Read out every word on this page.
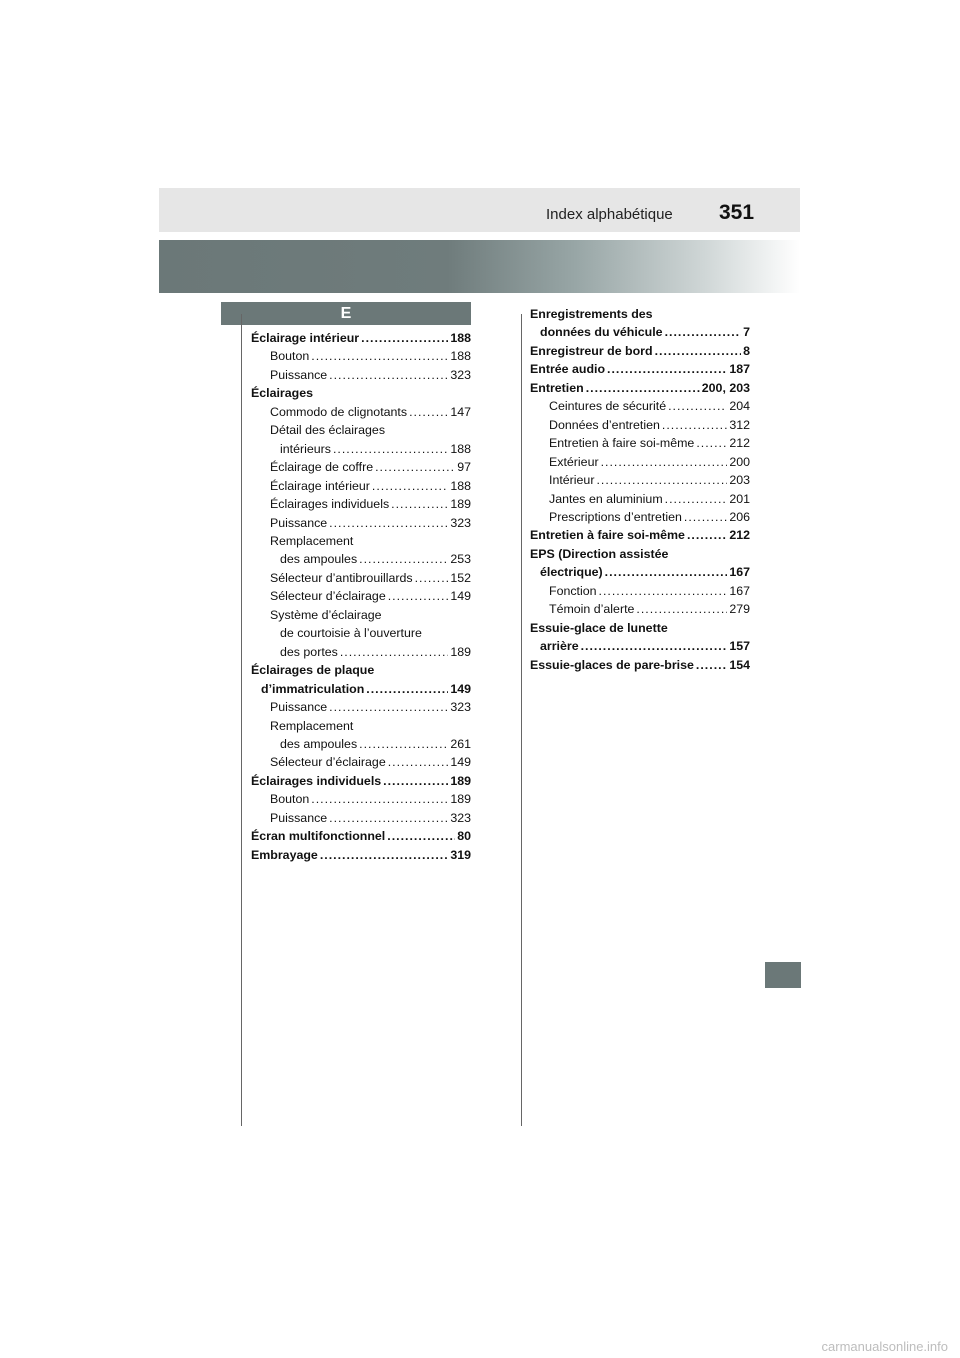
Index alphabétique 351
E
Éclairage intérieur .....	188
Bouton .....	188
Puissance .....	323
Éclairages
Commodo de clignotants .....	147
Détail des éclairages
intérieurs .....	188
Éclairage de coffre .....	97
Éclairage intérieur .....	188
Éclairages individuels .....	189
Puissance .....	323
Remplacement
des ampoules .....	253
Sélecteur d’antibrouillards .....	152
Sélecteur d’éclairage .....	149
Système d’éclairage
de courtoisie à l’ouverture
des portes .....	189
Éclairages de plaque
d’immatriculation .....	149
Puissance .....	323
Remplacement
des ampoules .....	261
Sélecteur d’éclairage .....	149
Éclairages individuels .....	189
Bouton .....	189
Puissance .....	323
Écran multifonctionnel .....	80
Embrayage .....	319
Enregistrements des
données du véhicule .....	7
Enregistreur de bord .....	8
Entrée audio .....	187
Entretien .....	200, 203
Ceintures de sécurité .....	204
Données d’entretien .....	312
Entretien à faire soi-même .....	212
Extérieur .....	200
Intérieur .....	203
Jantes en aluminium .....	201
Prescriptions d’entretien .....	206
Entretien à faire soi-même .....	212
EPS (Direction assistée
électrique) .....	167
Fonction .....	167
Témoin d’alerte .....	279
Essuie-glace de lunette
arrière .....	157
Essuie-glaces de pare-brise .....	154
carmanualsonline.info
